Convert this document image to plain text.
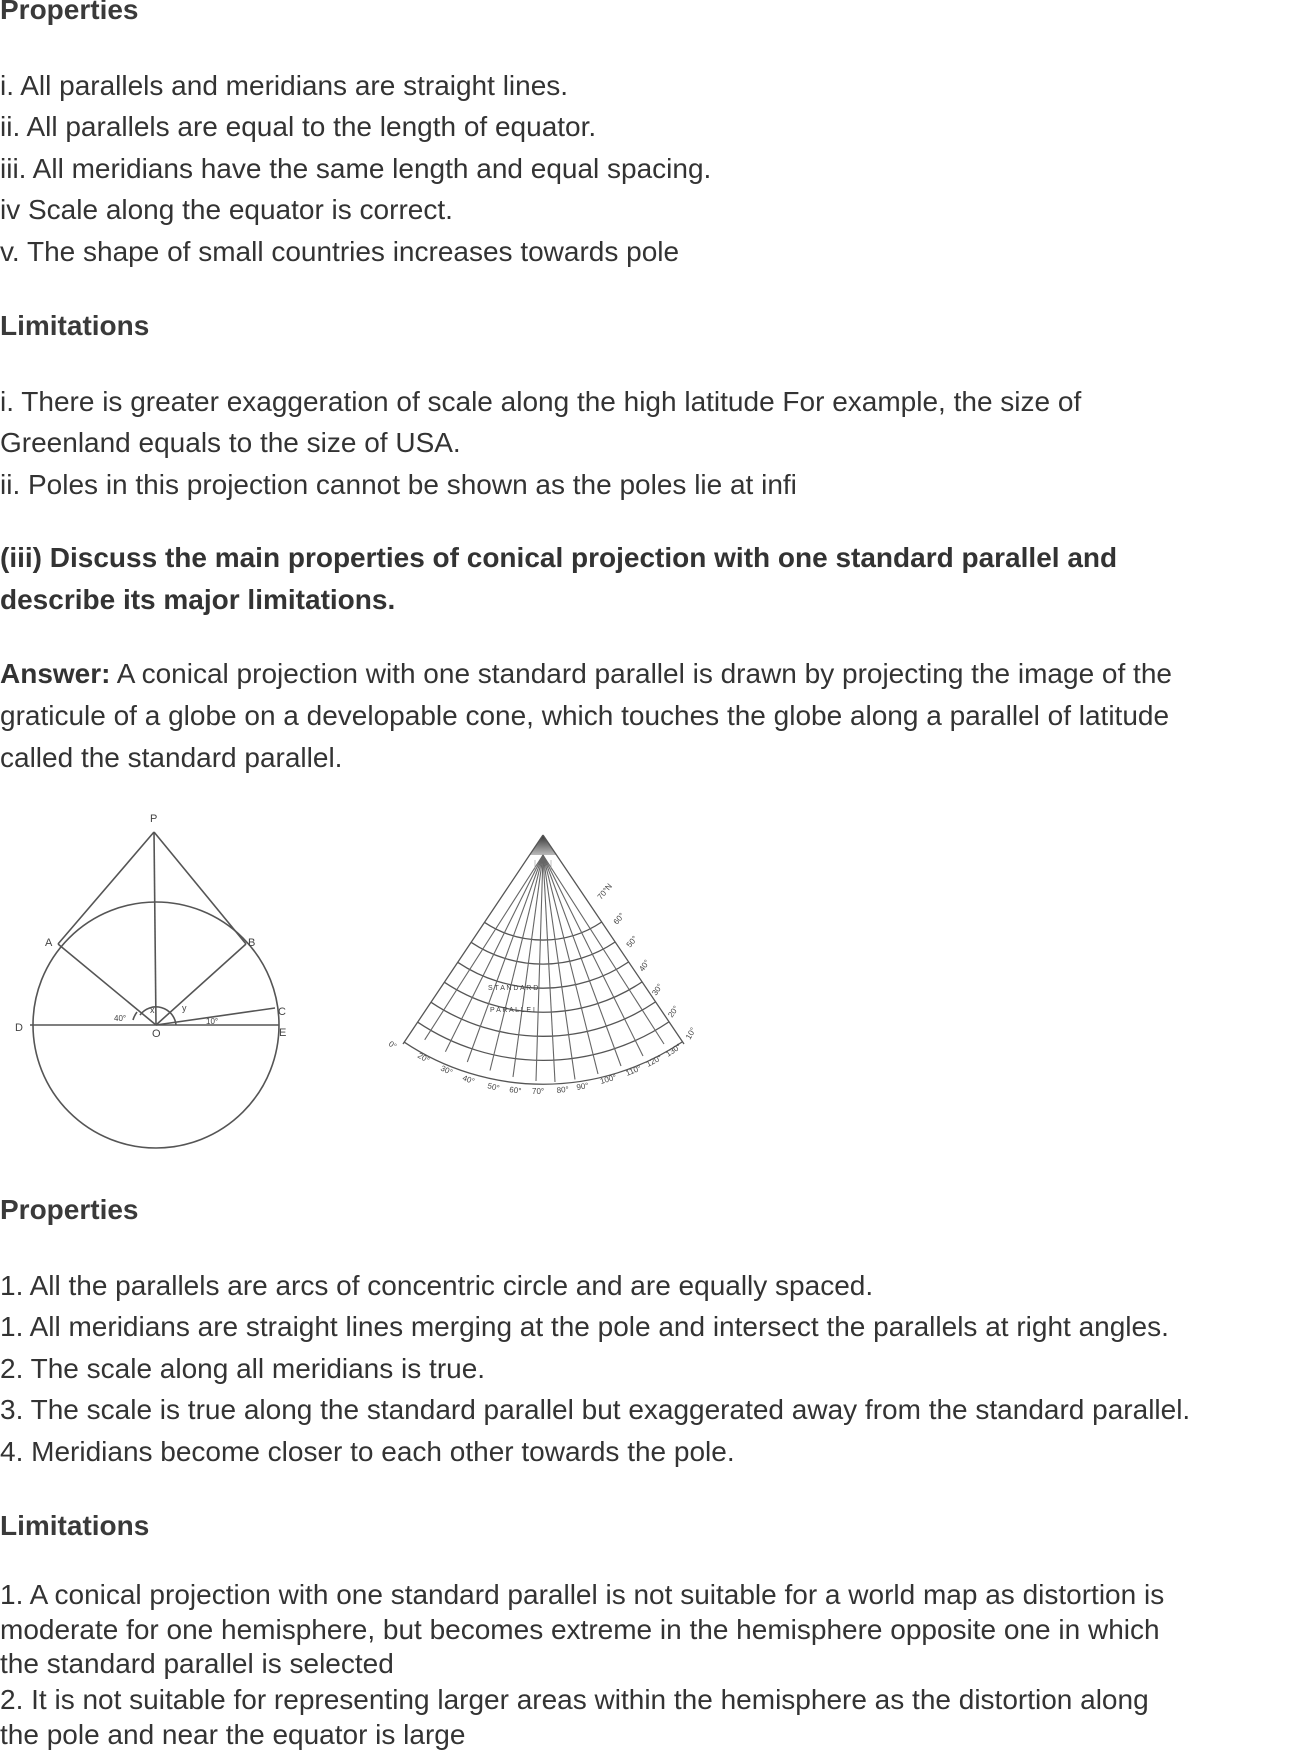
Properties
i. All parallels and meridians are straight lines.
ii. All parallels are equal to the length of equator.
iii. All meridians have the same length and equal spacing.
iv Scale along the equator is correct.
v. The shape of small countries increases towards pole
Limitations
i. There is greater exaggeration of scale along the high latitude For example, the size of
Greenland equals to the size of USA.
ii. Poles in this projection cannot be shown as the poles lie at infi
(iii) Discuss the main properties of conical projection with one standard parallel and
describe its major limitations.
Answer: A conical projection with one standard parallel is drawn by projecting the image of the
graticule of a globe on a developable cone, which touches the globe along a parallel of latitude
called the standard parallel.
P
A	B
C
D	E
O
x	y
40°	10°
S T A N D A R D
P A R A L L E L
70°N
60°
50°
40°
30°
20°
10°
0°
20°
30°
40°
50° 60° 70° 80° 90°
100°
110°
120°
130°
Properties
1. All the parallels are arcs of concentric circle and are equally spaced.
1. All meridians are straight lines merging at the pole and intersect the parallels at right angles.
2. The scale along all meridians is true.
3. The scale is true along the standard parallel but exaggerated away from the standard parallel.
4. Meridians become closer to each other towards the pole.
Limitations
1. A conical projection with one standard parallel is not suitable for a world map as distortion is
moderate for one hemisphere, but becomes extreme in the hemisphere opposite one in which
the standard parallel is selected
2. It is not suitable for representing larger areas within the hemisphere as the distortion along
the pole and near the equator is large
